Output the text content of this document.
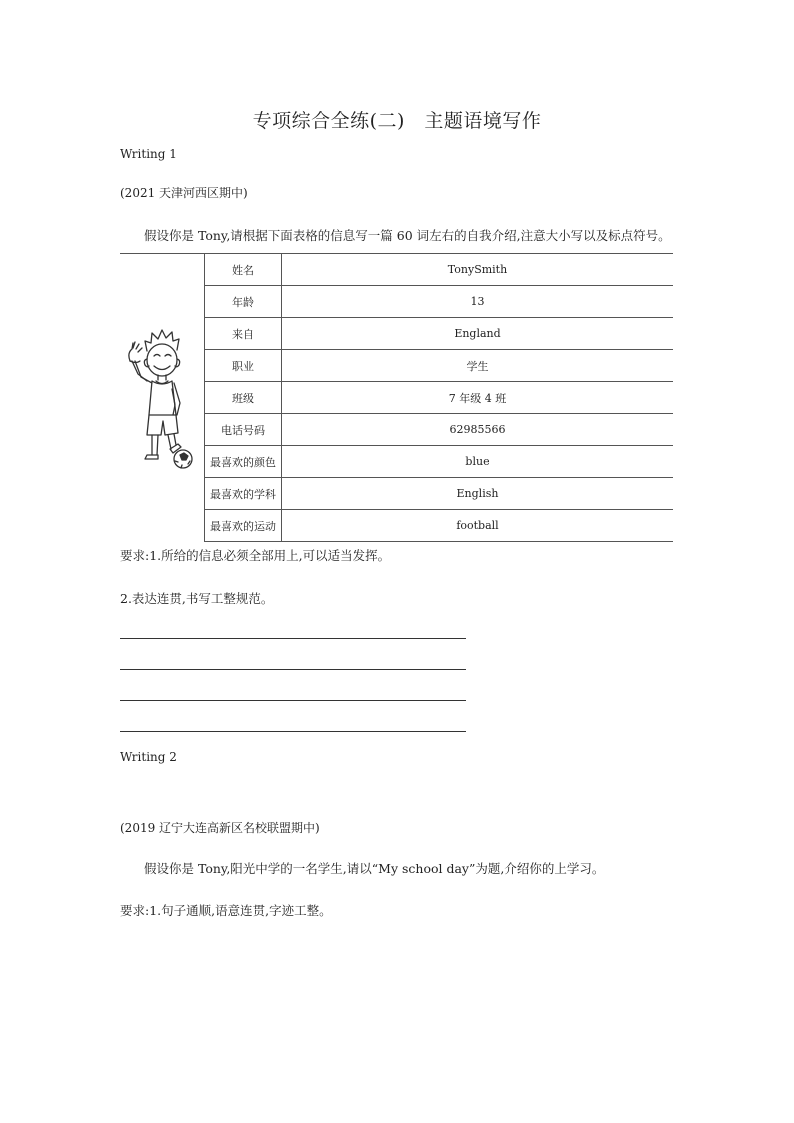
专项综合全练(二)　主题语境写作
Writing 1
(2021 天津河西区期中)
假设你是 Tony,请根据下面表格的信息写一篇 60 词左右的自我介绍,注意大小写以及标点符号。
	姓名	TonySmith
	年龄	13
	来自	England
	职业	学生
	班级	7 年级 4 班
	电话号码	62985566
	最喜欢的颜色	blue
	最喜欢的学科	English
	最喜欢的运动	football
要求:1.所给的信息必须全部用上,可以适当发挥。
2.表达连贯,书写工整规范。
Writing 2
(2019 辽宁大连高新区名校联盟期中)
假设你是 Tony,阳光中学的一名学生,请以“My school day”为题,介绍你的上学习。
要求:1.句子通顺,语意连贯,字迹工整。
